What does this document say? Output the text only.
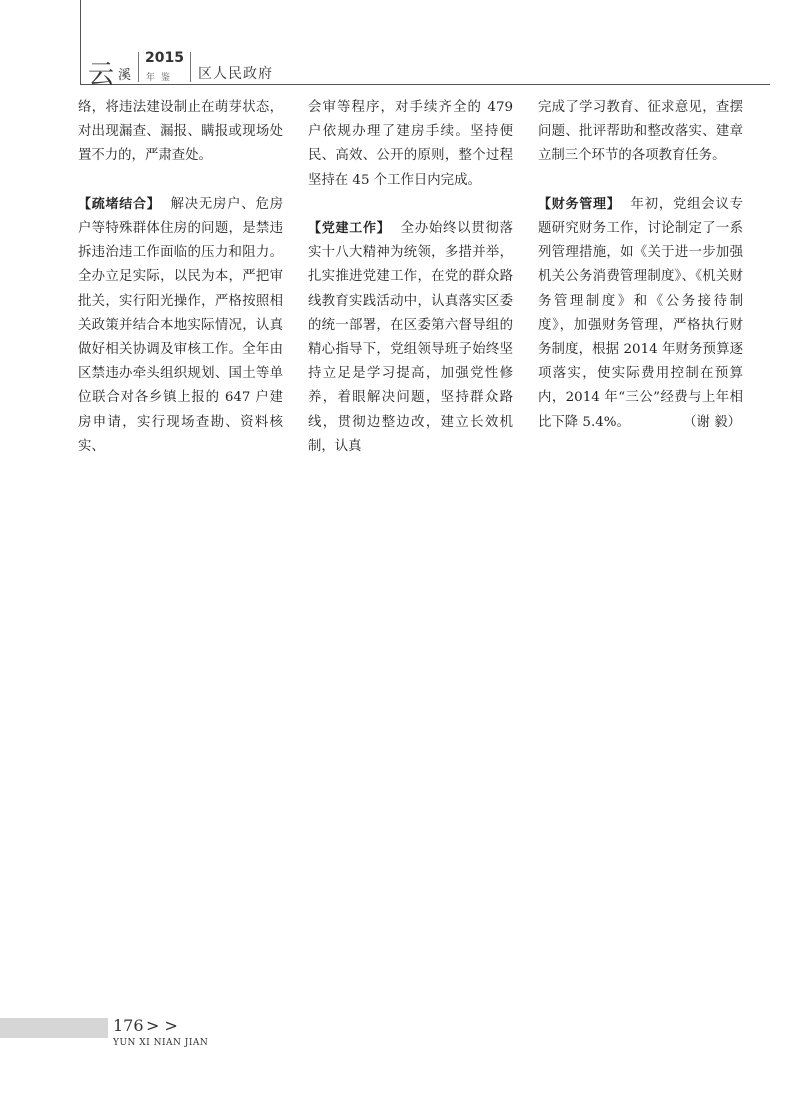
云 溪
2015
年鉴 区人民政府

络，将违法建设制止在萌芽状态，对出现漏查、漏报、瞒报或现场处置不力的，严肃查处。

【疏堵结合】 解决无房户、危房户等特殊群体住房的问题，是禁违拆违治违工作面临的压力和阻力。全办立足实际，以民为本，严把审批关，实行阳光操作，严格按照相关政策并结合本地实际情况，认真做好相关协调及审核工作。全年由区禁违办牵头组织规划、国土等单位联合对各乡镇上报的 647 户建房申请，实行现场查勘、资料核实、

会审等程序，对手续齐全的 479 户依规办理了建房手续。坚持便民、高效、公开的原则，整个过程坚持在 45 个工作日内完成。

【党建工作】 全办始终以贯彻落实十八大精神为统领，多措并举，扎实推进党建工作，在党的群众路线教育实践活动中，认真落实区委的统一部署，在区委第六督导组的精心指导下，党组领导班子始终坚持立足是学习提高，加强党性修养，着眼解决问题，坚持群众路线，贯彻边整边改，建立长效机制，认真

完成了学习教育、征求意见，查摆问题、批评帮助和整改落实、建章立制三个环节的各项教育任务。

【财务管理】 年初，党组会议专题研究财务工作，讨论制定了一系列管理措施，如《关于进一步加强机关公务消费管理制度》、《机关财务管理制度》和《公务接待制度》，加强财务管理，严格执行财务制度，根据 2014 年财务预算逐项落实，使实际费用控制在预算内，2014 年“三公”经费与上年相比下降 5.4%。	（谢 毅）

176 > >
YUN XI NIAN JIAN
